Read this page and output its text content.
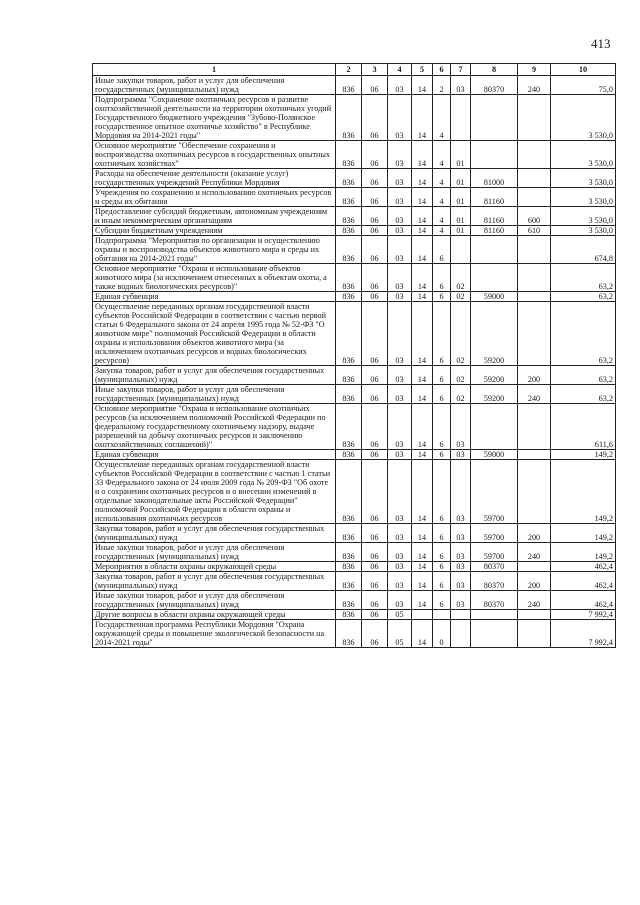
413
1	2	3	4	5	6	7	8	9	10
Иные закупки товаров, работ и услуг для обеспечения государственных (муниципальных) нужд	836	06	03	14	2	03	80370	240	75,0
Подпрограмма "Сохранение охотничьих ресурсов и развитие охотхозяйственной деятельности на территории охотничьих угодий Государственного бюджетного учреждения "Зубово-Полянское государственное опытное охотничье хозяйство" в Республике Мордовия на 2014-2021 годы"	836	06	03	14	4				3 530,0
Основное мероприятие "Обеспечение сохранения и воспроизводства охотничьих ресурсов в государственных опытных охотничьих хозяйствах"	836	06	03	14	4	01			3 530,0
Расходы на обеспечение деятельности (оказание услуг) государственных учреждений Республики Мордовия	836	06	03	14	4	01	81000		3 530,0
Учреждения по сохранению и использованию охотничьих ресурсов и среды их обитания	836	06	03	14	4	01	81160		3 530,0
Предоставление субсидий бюджетным, автономным учреждениям и иным некоммерческим организациям	836	06	03	14	4	01	81160	600	3 530,0
Субсидии бюджетным учреждениям	836	06	03	14	4	01	81160	610	3 530,0
Подпрограмма "Мероприятия по организации и осуществлению охраны и воспроизводства объектов животного мира и среды их обитания на 2014-2021 годы"	836	06	03	14	6				674,8
Основное мероприятие "Охрана и использование объектов животного мира (за исключением отнесенных к объектам охоты, а также водных биологических ресурсов)"	836	06	03	14	6	02			63,2
Единая субвенция	836	06	03	14	6	02	59000		63,2
Осуществление переданных органам государственной власти субъектов Российской Федерации в соответствии с частью первой статьи 6 Федерального закона от 24 апреля 1995 года № 52-ФЗ "О животном мире" полномочий Российской Федерации в области охраны и использования объектов животного мира (за исключением охотничьих ресурсов и водных биологических ресурсов)	836	06	03	14	6	02	59200		63,2
Закупка товаров, работ и услуг для обеспечения государственных (муниципальных) нужд	836	06	03	14	6	02	59200	200	63,2
Иные закупки товаров, работ и услуг для обеспечения государственных (муниципальных) нужд	836	06	03	14	6	02	59200	240	63,2
Основное мероприятие "Охрана и использование охотничьих ресурсов (за исключением полномочий Российской Федерации по федеральному государственному охотничьему надзору, выдаче разрешений на добычу охотничьих ресурсов и заключению охотхозяйственных соглашений)"	836	06	03	14	6	03			611,6
Единая субвенция	836	06	03	14	6	03	59000		149,2
Осуществление переданных органам государственной власти субъектов Российской Федерации в соответствии с частью 1 статьи 33 Федерального закона от 24 июля 2009 года № 209-ФЗ "Об охоте и о сохранении охотничьих ресурсов и о внесении изменений в отдельные законодательные акты Российской Федерации" полномочий Российской Федерации в области охраны и использования охотничьих ресурсов	836	06	03	14	6	03	59700		149,2
Закупка товаров, работ и услуг для обеспечения государственных (муниципальных) нужд	836	06	03	14	6	03	59700	200	149,2
Иные закупки товаров, работ и услуг для обеспечения государственных (муниципальных) нужд	836	06	03	14	6	03	59700	240	149,2
Мероприятия в области охраны окружающей среды	836	06	03	14	6	03	80370		462,4
Закупка товаров, работ и услуг для обеспечения государственных (муниципальных) нужд	836	06	03	14	6	03	80370	200	462,4
Иные закупки товаров, работ и услуг для обеспечения государственных (муниципальных) нужд	836	06	03	14	6	03	80370	240	462,4
Другие вопросы в области охраны окружающей среды	836	06	05						7 992,4
Государственная программа Республики Мордовия "Охрана окружающей среды и повышение экологической безопасности на 2014-2021 годы"	836	06	05	14	0				7 992,4
